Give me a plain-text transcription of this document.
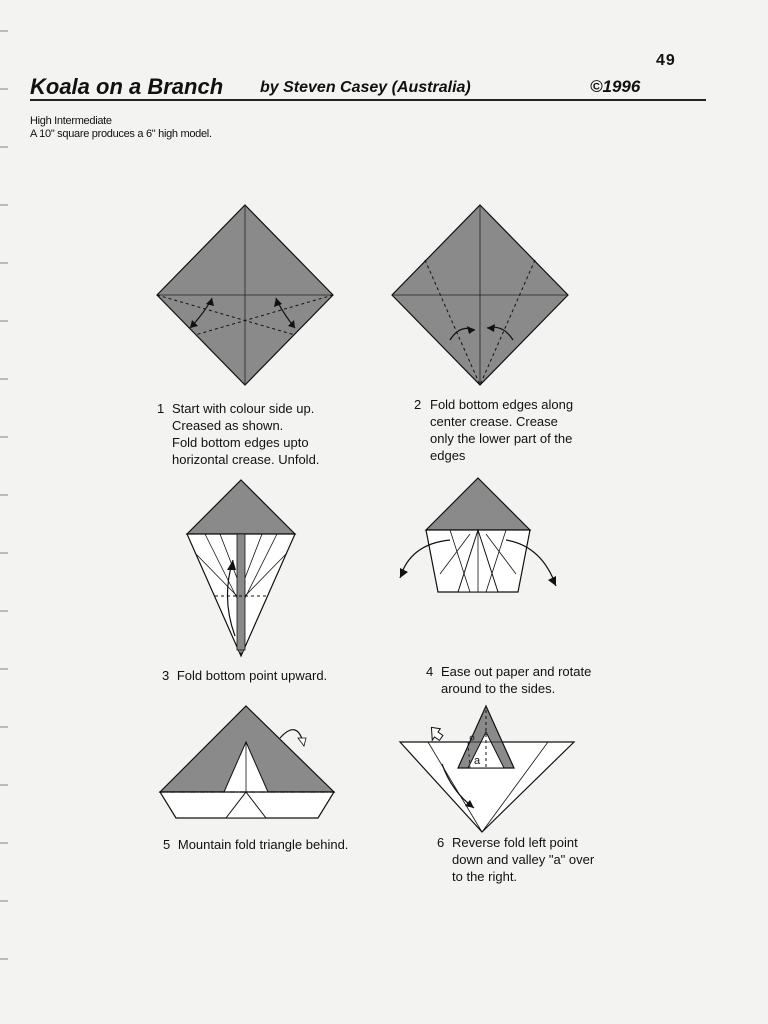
49
Koala on a Branch by Steven Casey (Australia)	©1996
High Intermediate
A 10" square produces a 6" high model.
a
1	2 Fold bottom edges along
center crease. Crease
only the lower part of the
edges
3 Fold bottom point upward.	4 Ease out paper and rotate
around to the sides.
5 Mountain fold triangle behind.	6 Reverse fold left point
down and valley "a" over
to the right.
Start with colour side up.
Creased as shown.
Fold bottom edges upto
horizontal crease. Unfold.
